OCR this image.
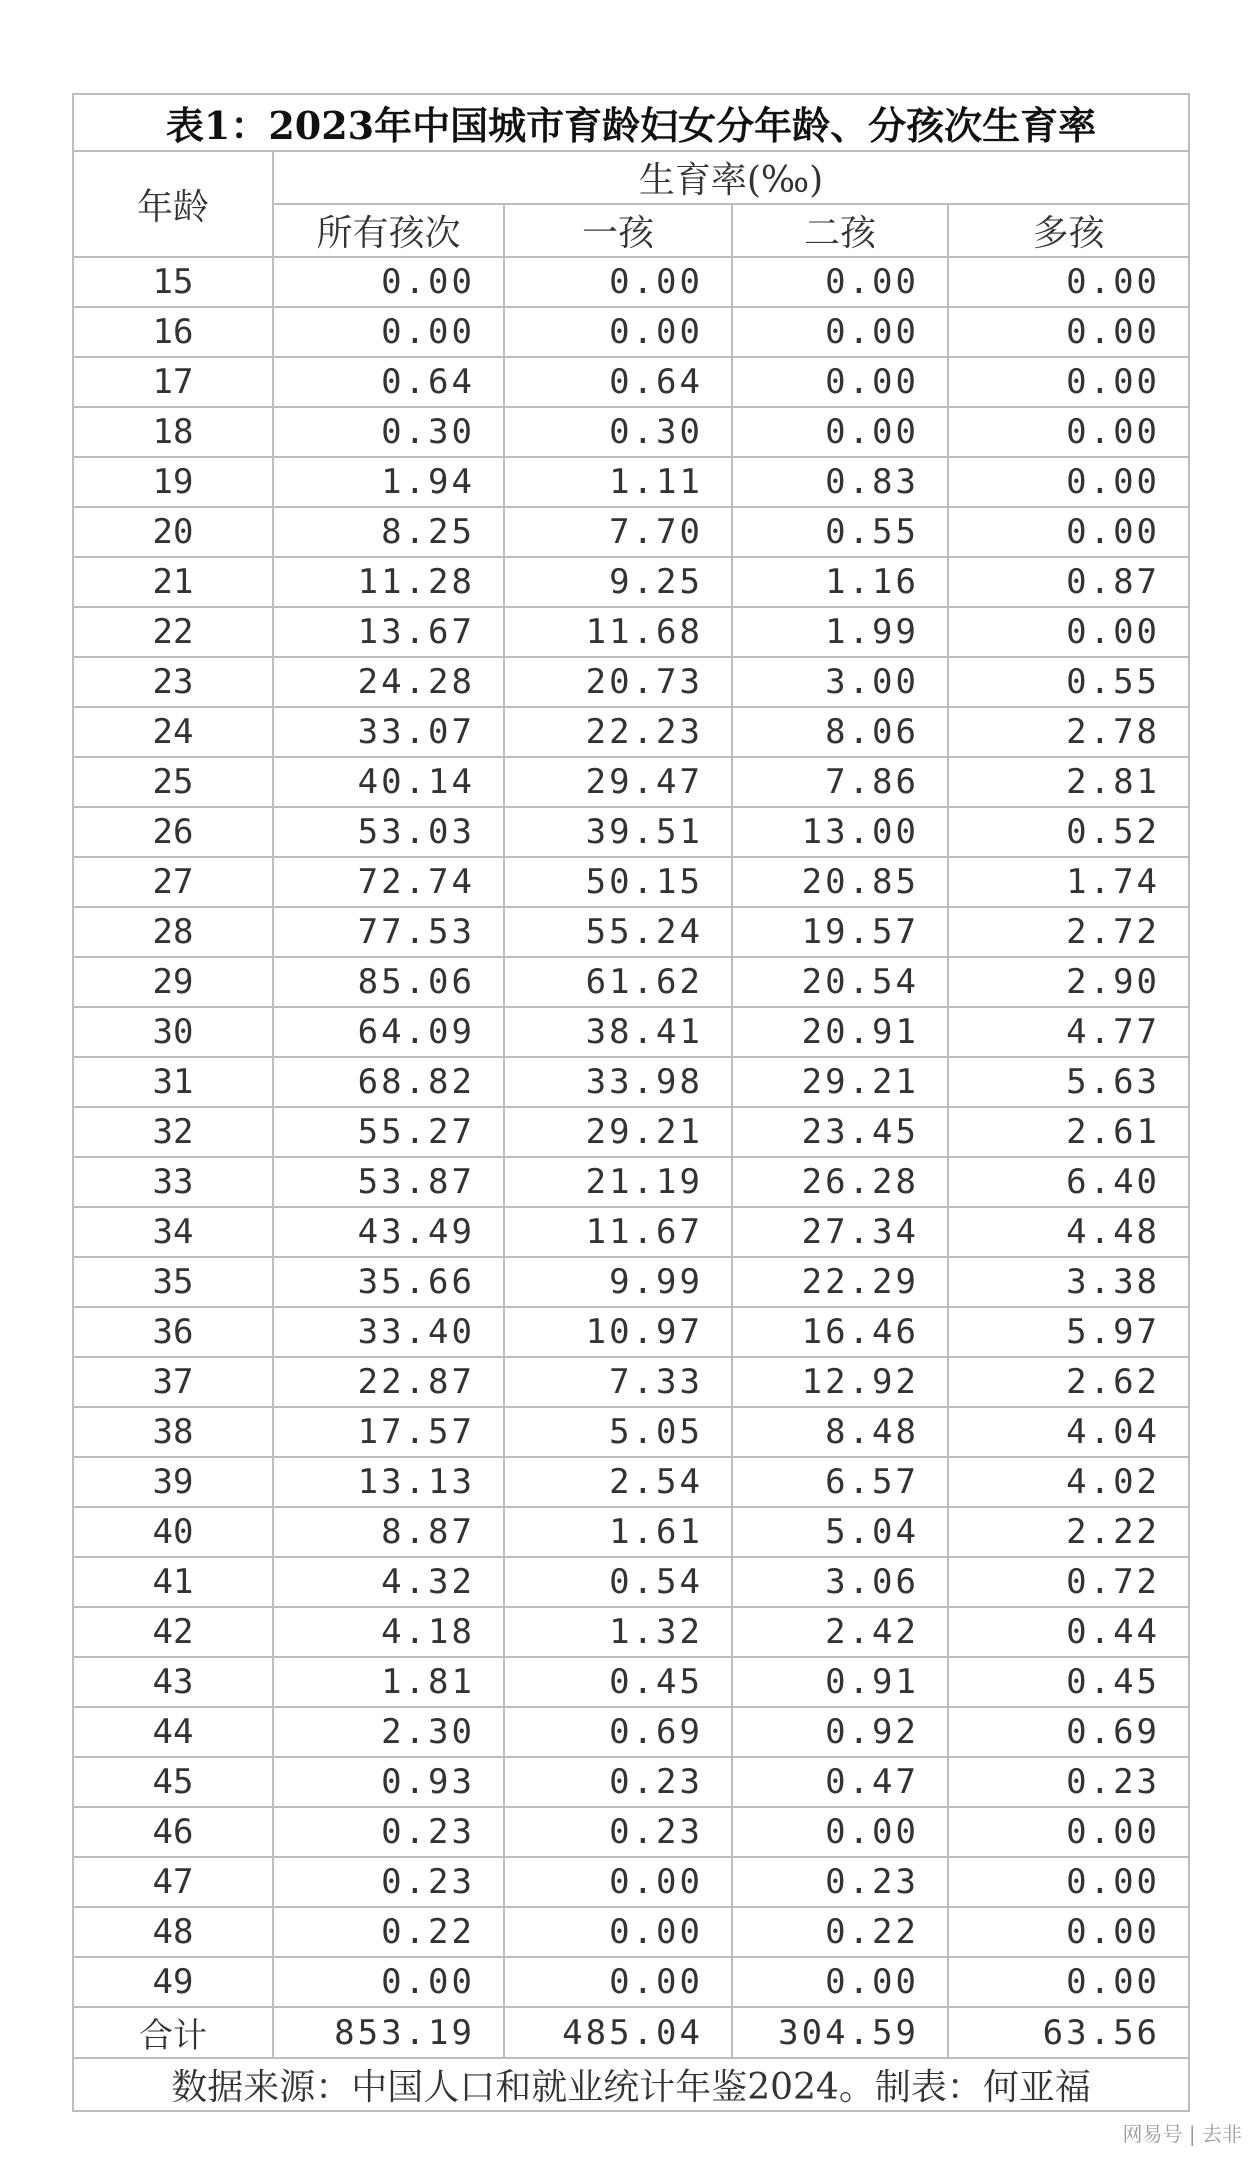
表1：2023年中国城市育龄妇女分年龄、分孩次生育率				
年龄	生育率(‰)			
	所有孩次	一孩	二孩	多孩
15	0.00	0.00	0.00	0.00
16	0.00	0.00	0.00	0.00
17	0.64	0.64	0.00	0.00
18	0.30	0.30	0.00	0.00
19	1.94	1.11	0.83	0.00
20	8.25	7.70	0.55	0.00
21	11.28	9.25	1.16	0.87
22	13.67	11.68	1.99	0.00
23	24.28	20.73	3.00	0.55
24	33.07	22.23	8.06	2.78
25	40.14	29.47	7.86	2.81
26	53.03	39.51	13.00	0.52
27	72.74	50.15	20.85	1.74
28	77.53	55.24	19.57	2.72
29	85.06	61.62	20.54	2.90
30	64.09	38.41	20.91	4.77
31	68.82	33.98	29.21	5.63
32	55.27	29.21	23.45	2.61
33	53.87	21.19	26.28	6.40
34	43.49	11.67	27.34	4.48
35	35.66	9.99	22.29	3.38
36	33.40	10.97	16.46	5.97
37	22.87	7.33	12.92	2.62
38	17.57	5.05	8.48	4.04
39	13.13	2.54	6.57	4.02
40	8.87	1.61	5.04	2.22
41	4.32	0.54	3.06	0.72
42	4.18	1.32	2.42	0.44
43	1.81	0.45	0.91	0.45
44	2.30	0.69	0.92	0.69
45	0.93	0.23	0.47	0.23
46	0.23	0.23	0.00	0.00
47	0.23	0.00	0.23	0.00
48	0.22	0.00	0.22	0.00
49	0.00	0.00	0.00	0.00
合计	853.19	485.04	304.59	63.56
数据来源：中国人口和就业统计年鉴2024。制表：何亚福				
网易号 | 去非
